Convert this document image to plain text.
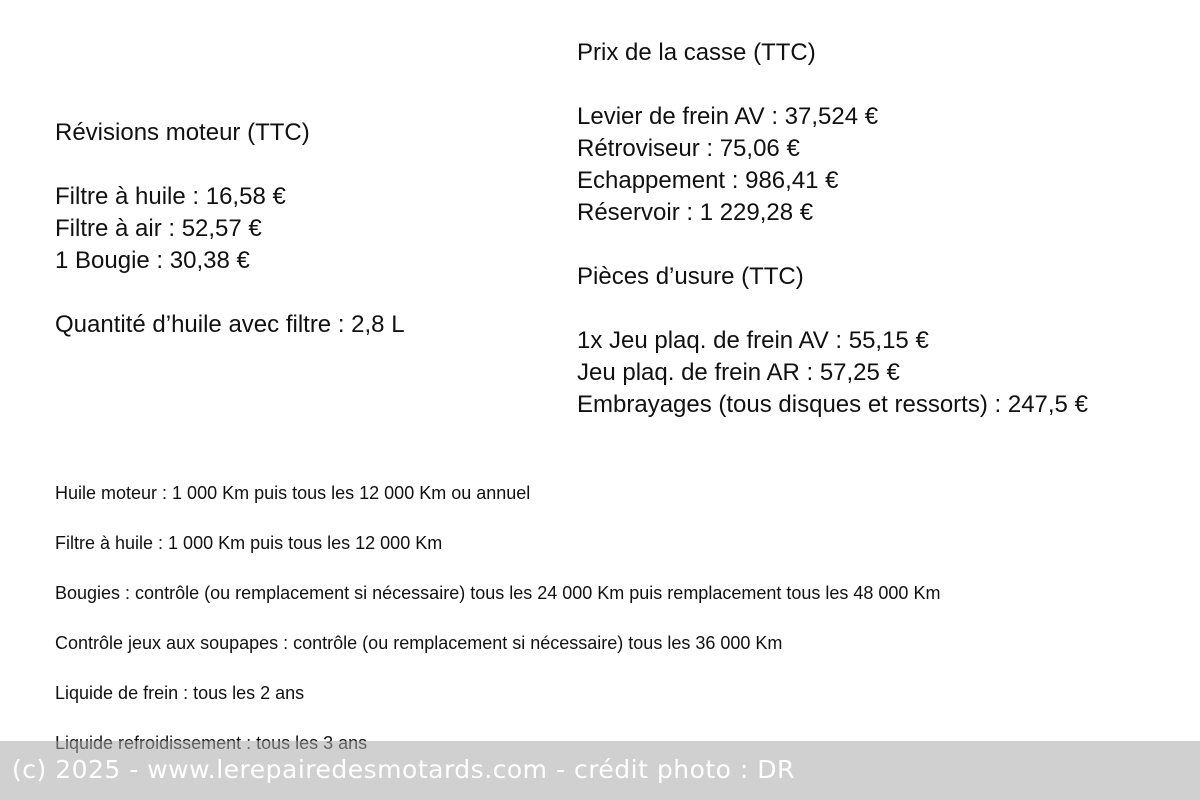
Révisions moteur (TTC)
Filtre à huile : 16,58 €
Filtre à air : 52,57 €
1 Bougie : 30,38 €
Quantité d’huile avec filtre : 2,8 L
Prix de la casse (TTC)
Levier de frein AV : 37,524 €
Rétroviseur : 75,06 €
Echappement : 986,41 €
Réservoir : 1 229,28 €
Pièces d’usure (TTC)
1x Jeu plaq. de frein AV : 55,15 €
Jeu plaq. de frein AR : 57,25 €
Embrayages (tous disques et ressorts) : 247,5 €
Huile moteur : 1 000 Km puis tous les 12 000 Km ou annuel
Filtre à huile : 1 000 Km puis tous les 12 000 Km
Bougies : contrôle (ou remplacement si nécessaire) tous les 24 000 Km puis remplacement tous les 48 000 Km
Contrôle jeux aux soupapes : contrôle (ou remplacement si nécessaire) tous les 36 000 Km
Liquide de frein : tous les 2 ans
(c) 2025 - www.lerepairedesmotards.com - crédit photo : DR
